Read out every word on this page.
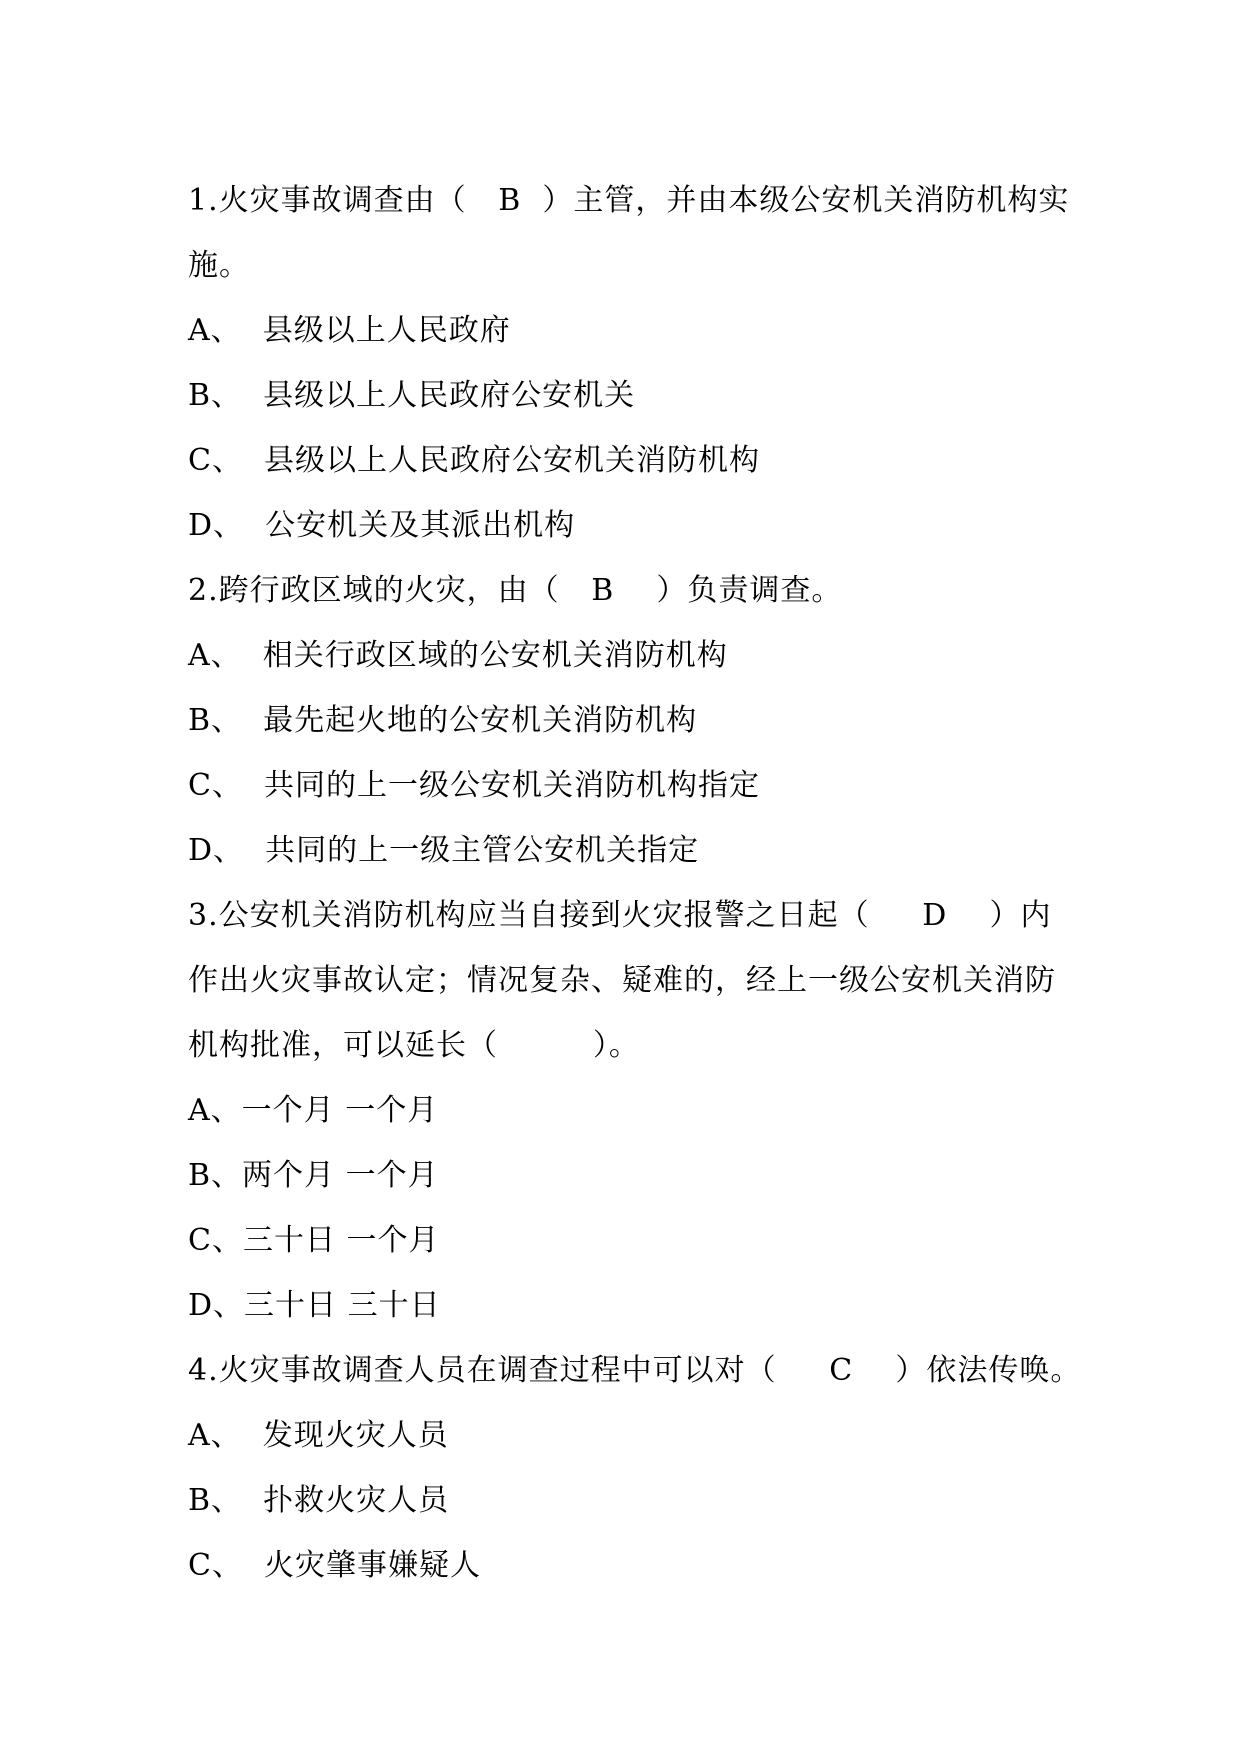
1.火灾事故调查由（   B  ）主管，并由本级公安机关消防机构实
施。
A、  县级以上人民政府
B、  县级以上人民政府公安机关
C、  县级以上人民政府公安机关消防机构
D、  公安机关及其派出机构
2.跨行政区域的火灾，由（   B    ）负责调查。
A、  相关行政区域的公安机关消防机构
B、  最先起火地的公安机关消防机构
C、  共同的上一级公安机关消防机构指定
D、  共同的上一级主管公安机关指定
3.公安机关消防机构应当自接到火灾报警之日起（     D    ）内
作出火灾事故认定；情况复杂、疑难的，经上一级公安机关消防
机构批准，可以延长（         ）。
A、一个月 一个月
B、两个月 一个月
C、三十日 一个月
D、三十日 三十日
4.火灾事故调查人员在调查过程中可以对（     C    ）依法传唤。
A、  发现火灾人员
B、  扑救火灾人员
C、  火灾肇事嫌疑人
